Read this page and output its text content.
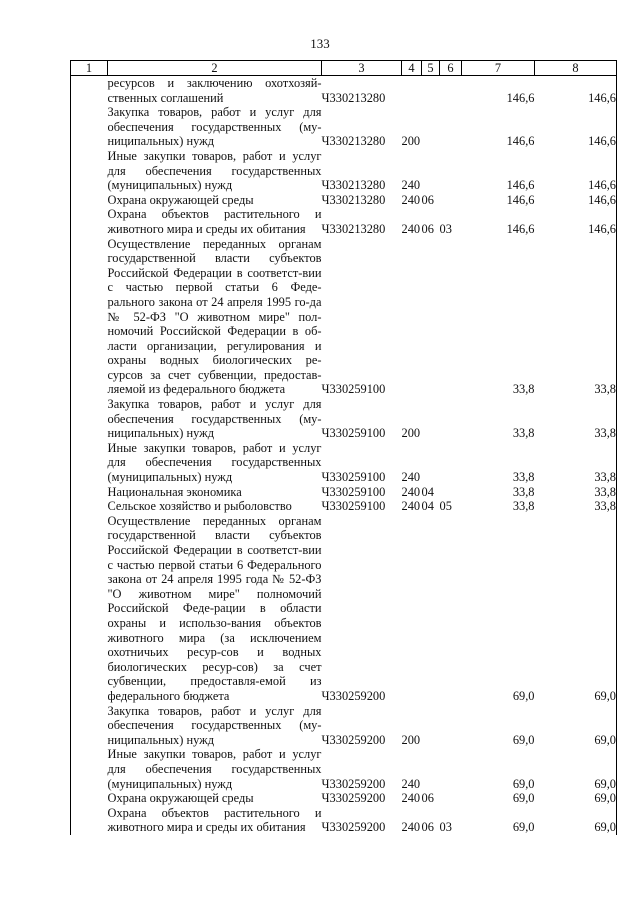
133
1	2	3	4	5	6	7	8

	ресурсов и заключению охотхозяй-ственных соглашений	Ч330213280				146,6	146,6

	Закупка товаров, работ и услуг для обеспечения государственных (му-ниципальных) нужд	Ч330213280	200			146,6	146,6

	Иные закупки товаров, работ и услуг для обеспечения государственных (муниципальных) нужд	Ч330213280	240			146,6	146,6

	Охрана окружающей среды	Ч330213280	240	06		146,6	146,6

	Охрана объектов растительного и животного мира и среды их обитания	Ч330213280	240	06	03	146,6	146,6

	Осуществление переданных органам государственной власти субъектов Российской Федерации в соответст-вии с частью первой статьи 6 Феде-рального закона от 24 апреля 1995 го-да № 52-ФЗ "О животном мире" пол-номочий Российской Федерации в об-ласти организации, регулирования и охраны водных биологических ре-сурсов за счет субвенции, предостав-ляемой из федерального бюджета	Ч330259100				33,8	33,8

	Закупка товаров, работ и услуг для обеспечения государственных (му-ниципальных) нужд	Ч330259100	200			33,8	33,8

	Иные закупки товаров, работ и услуг для обеспечения государственных (муниципальных) нужд	Ч330259100	240			33,8	33,8

	Национальная экономика	Ч330259100	240	04		33,8	33,8

	Сельское хозяйство и рыболовство	Ч330259100	240	04	05	33,8	33,8

	Осуществление переданных органам государственной власти субъектов Российской Федерации в соответст-вии с частью первой статьи 6 Федерального закона от 24 апреля 1995 года № 52-ФЗ "О животном мире" полномочий Российской Феде-рации в области охраны и использо-вания объектов животного мира (за исключением охотничьих ресур-сов и водных биологических ресур-сов) за счет субвенции, предоставля-емой из федерального бюджета	Ч330259200				69,0	69,0

	Закупка товаров, работ и услуг для обеспечения государственных (му-ниципальных) нужд	Ч330259200	200			69,0	69,0

	Иные закупки товаров, работ и услуг для обеспечения государственных (муниципальных) нужд	Ч330259200	240			69,0	69,0

	Охрана окружающей среды	Ч330259200	240	06		69,0	69,0

	Охрана объектов растительного и животного мира и среды их обитания	Ч330259200	240	06	03	69,0	69,0
